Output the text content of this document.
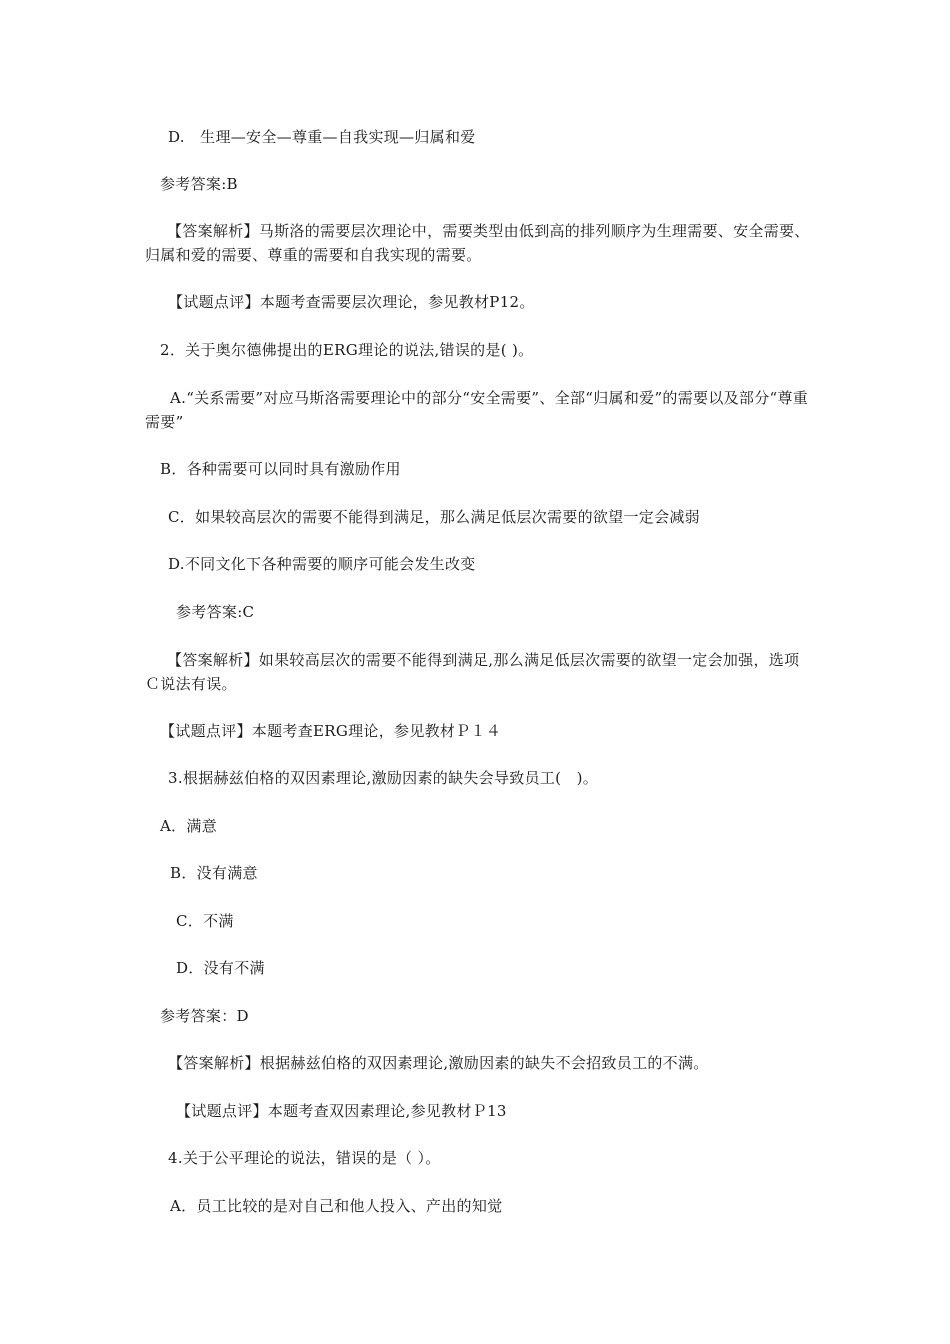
D.　生理—安全—尊重—自我实现—归属和爱
参考答案:B
【答案解析】马斯洛的需要层次理论中，需要类型由低到高的排列顺序为生理需要、安全需要、归属和爱的需要、尊重的需要和自我实现的需要。
【试题点评】本题考查需要层次理论，参见教材P12。
2．关于奥尔德佛提出的ERG理论的说法,错误的是( )。
A.“关系需要”对应马斯洛需要理论中的部分“安全需要”、全部“归属和爱”的需要以及部分“尊重需要”
B．各种需要可以同时具有激励作用
C．如果较高层次的需要不能得到满足，那么满足低层次需要的欲望一定会减弱
D.不同文化下各种需要的顺序可能会发生改变
参考答案:C
【答案解析】如果较高层次的需要不能得到满足,那么满足低层次需要的欲望一定会加强，选项Ｃ说法有误。
【试题点评】本题考查ERG理论，参见教材Ｐ１４
3.根据赫兹伯格的双因素理论,激励因素的缺失会导致员工(　)。
A．满意
B．没有满意
C．不满
D．没有不满
参考答案：D
【答案解析】根据赫兹伯格的双因素理论,激励因素的缺失不会招致员工的不满。
【试题点评】本题考查双因素理论,参见教材Ｐ13
4.关于公平理论的说法，错误的是（ ）。
A．员工比较的是对自己和他人投入、产出的知觉
